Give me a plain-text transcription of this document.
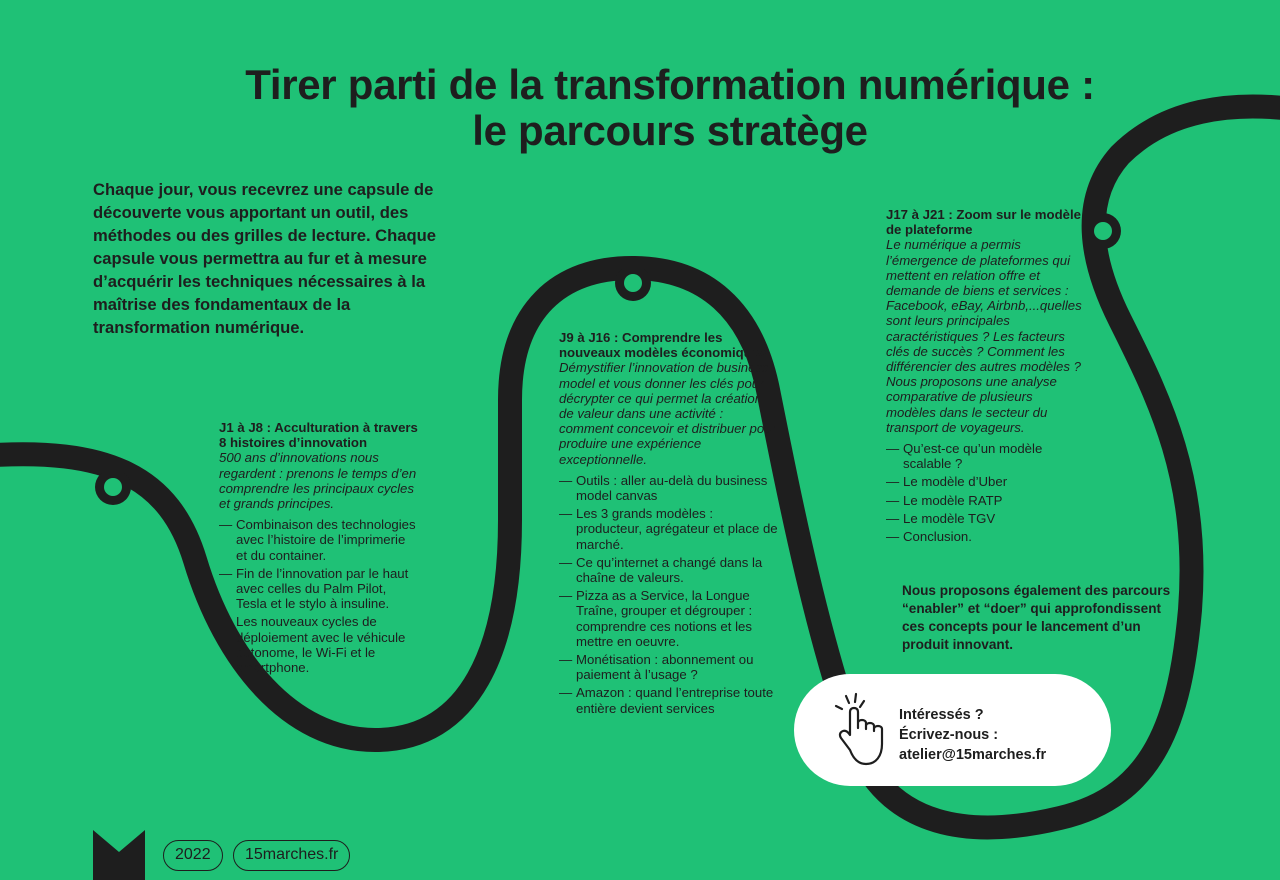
Tirer parti de la transformation numérique :
le parcours stratège

Chaque jour, vous recevrez une capsule de découverte vous apportant un outil, des méthodes ou des grilles de lecture. Chaque capsule vous permettra au fur et à mesure d’acquérir les techniques nécessaires à la maîtrise des fondamentaux de la transformation numérique.

J1 à J8 : Acculturation à travers 8 histoires d’innovation
500 ans d’innovations nous regardent : prenons le temps d’en comprendre les principaux cycles et grands principes.
— Combinaison des technologies avec l’histoire de l’imprimerie et du container.
— Fin de l’innovation par le haut avec celles du Palm Pilot, Tesla et le stylo à insuline.
— Les nouveaux cycles de déploiement avec le véhicule autonome, le Wi-Fi et le smartphone.
J9 à J16 : Comprendre les nouveaux modèles économiques
Démystifier l’innovation de business model et vous donner les clés pour décrypter ce qui permet la création de valeur dans une activité : comment concevoir et distribuer pour produire une expérience exceptionnelle.
— Outils : aller au-delà du business model canvas
— Les 3 grands modèles : producteur, agrégateur et place de marché.
— Ce qu’internet a changé dans la chaîne de valeurs.
— Pizza as a Service, la Longue Traîne, grouper et dégrouper : comprendre ces notions et les mettre en oeuvre.
— Monétisation : abonnement ou paiement à l’usage ?
— Amazon : quand l’entreprise toute entière devient services
J17 à J21 : Zoom sur le modèle de plateforme
Le numérique a permis l’émergence de plateformes qui mettent en relation offre et demande de biens et services : Facebook, eBay, Airbnb,...quelles sont leurs principales caractéristiques ? Les facteurs clés de succès ? Comment les différencier des autres modèles ? Nous proposons une analyse comparative de plusieurs modèles dans le secteur du transport de voyageurs.
— Qu’est-ce qu’un modèle scalable ?
— Le modèle d’Uber
— Le modèle RATP
— Le modèle TGV
— Conclusion.

Nous proposons également des parcours “enabler” et “doer” qui approfondissent ces concepts pour le lancement d’un produit innovant.

Intéressés ?
Écrivez-nous :
atelier@15marches.fr
2022	15marches.fr
